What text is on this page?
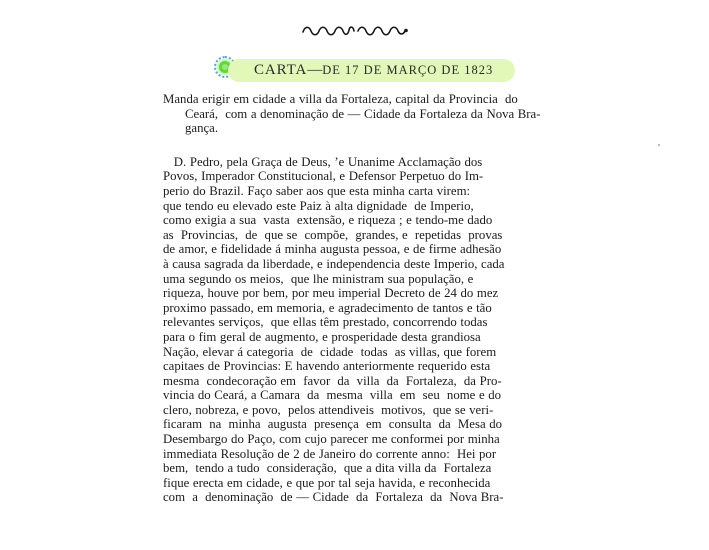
CARTA—DE 17 DE MARÇO DE 1823
Manda erigir em cidade a villa da Fortaleza, capital da Provincia  do
Ceará,  com a denominação de — Cidade da Fortaleza da Nova Bra-
gança.
D. Pedro, pela Graça de Deus, ’e Unanime Acclamação dos
Povos, Imperador Constitucional, e Defensor Perpetuo do Im-
perio do Brazil. Faço saber aos que esta minha carta virem:
que tendo eu elevado este Paiz à alta dignidade  de Imperio,
como exigia a sua  vasta  extensão, e riqueza ; e tendo-me dado
as  Provincias,  de  que se  compõe,  grandes, e  repetidas  provas
de amor, e fidelidade á minha augusta pessoa, e de firme adhesão
à causa sagrada da liberdade, e independencia deste Imperio, cada
uma segundo os meios,  que lhe ministram sua população, e
riqueza, houve por bem, por meu imperial Decreto de 24 do mez
proximo passado, em memoria, e agradecimento de tantos e tão
relevantes serviços,  que ellas têm prestado, concorrendo todas
para o fim geral de augmento, e prosperidade desta grandiosa
Nação, elevar á categoria  de  cidade  todas  as villas, que forem
capitaes de Provincias: E havendo anteriormente requerido esta
mesma  condecoração em  favor  da  villa  da  Fortaleza,  da Pro-
vincia do Ceará, a Camara  da  mesma  villa  em  seu  nome e do
clero, nobreza, e povo,  pelos attendiveis  motivos,  que se veri-
ficaram  na  minha  augusta  presença  em  consulta  da  Mesa do
Desembargo do Paço, com cujo parecer me conformei por minha
immediata Resolução de 2 de Janeiro do corrente anno:  Hei por
bem,  tendo a tudo  consideração,  que a dita villa da  Fortaleza
fique erecta em cidade, e que por tal seja havida, e reconhecida
com  a  denominação  de — Cidade  da  Fortaleza  da  Nova Bra-
